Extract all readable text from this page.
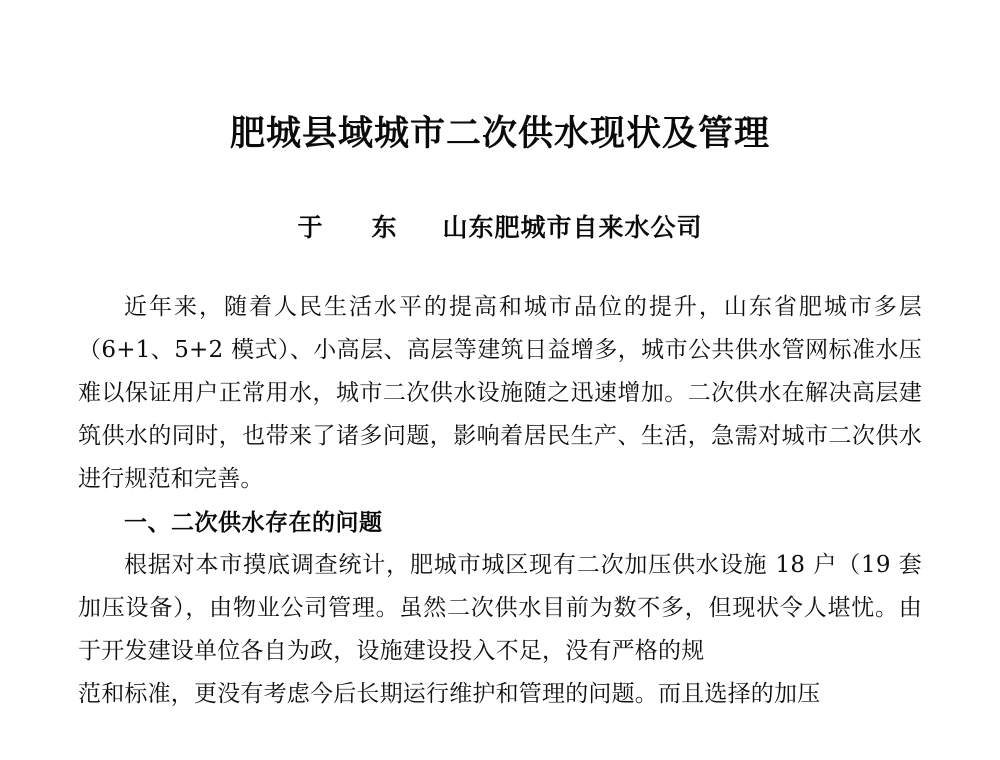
肥城县域城市二次供水现状及管理
于　东 山东肥城市自来水公司

近年来，随着人民生活水平的提高和城市品位的提升，山东省肥城市多层（6+1、5+2 模式）、小高层、高层等建筑日益增多，城市公共供水管网标准水压难以保证用户正常用水，城市二次供水设施随之迅速增加。二次供水在解决高层建筑供水的同时，也带来了诸多问题，影响着居民生产、生活，急需对城市二次供水进行规范和完善。

一、二次供水存在的问题

根据对本市摸底调查统计，肥城市城区现有二次加压供水设施 18 户（19 套加压设备），由物业公司管理。虽然二次供水目前为数不多，但现状令人堪忧。由于开发建设单位各自为政，设施建设投入不足，没有严格的规

范和标准，更没有考虑今后长期运行维护和管理的问题。而且选择的加压
